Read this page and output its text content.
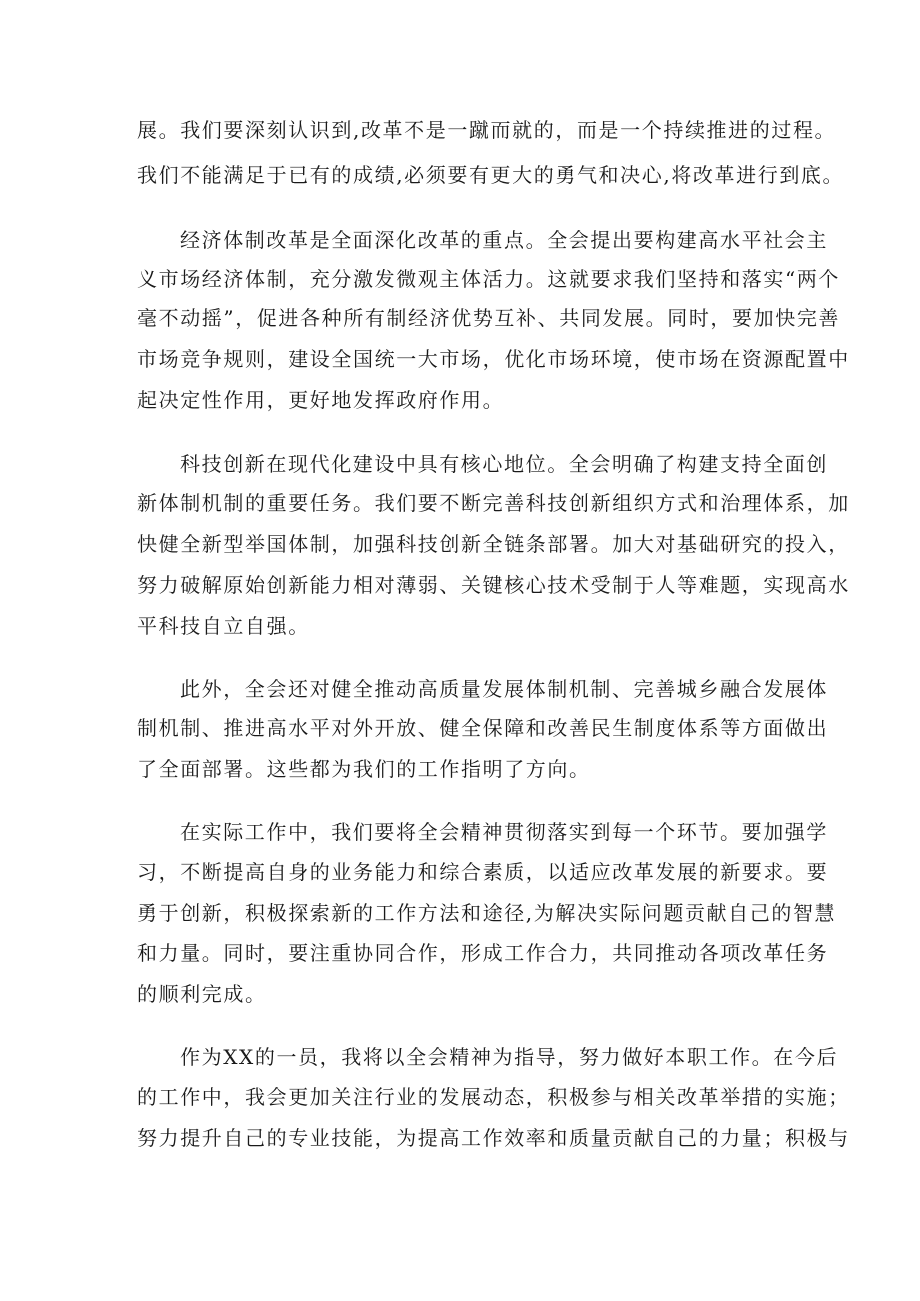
展。我们要深刻认识到,改革不是一蹴而就的，而是一个持续推进的过程。
我们不能满足于已有的成绩,必须要有更大的勇气和决心,将改革进行到底。
经济体制改革是全面深化改革的重点。全会提出要构建高水平社会主
义市场经济体制，充分激发微观主体活力。这就要求我们坚持和落实“两个
毫不动摇”，促进各种所有制经济优势互补、共同发展。同时，要加快完善
市场竞争规则，建设全国统一大市场，优化市场环境，使市场在资源配置中
起决定性作用，更好地发挥政府作用。
科技创新在现代化建设中具有核心地位。全会明确了构建支持全面创
新体制机制的重要任务。我们要不断完善科技创新组织方式和治理体系，加
快健全新型举国体制，加强科技创新全链条部署。加大对基础研究的投入，
努力破解原始创新能力相对薄弱、关键核心技术受制于人等难题，实现高水
平科技自立自强。
此外，全会还对健全推动高质量发展体制机制、完善城乡融合发展体
制机制、推进高水平对外开放、健全保障和改善民生制度体系等方面做出
了全面部署。这些都为我们的工作指明了方向。
在实际工作中，我们要将全会精神贯彻落实到每一个环节。要加强学
习，不断提高自身的业务能力和综合素质，以适应改革发展的新要求。要
勇于创新，积极探索新的工作方法和途径,为解决实际问题贡献自己的智慧
和力量。同时，要注重协同合作，形成工作合力，共同推动各项改革任务
的顺利完成。
作为XX的一员，我将以全会精神为指导，努力做好本职工作。在今后
的工作中，我会更加关注行业的发展动态，积极参与相关改革举措的实施；
努力提升自己的专业技能，为提高工作效率和质量贡献自己的力量；积极与
